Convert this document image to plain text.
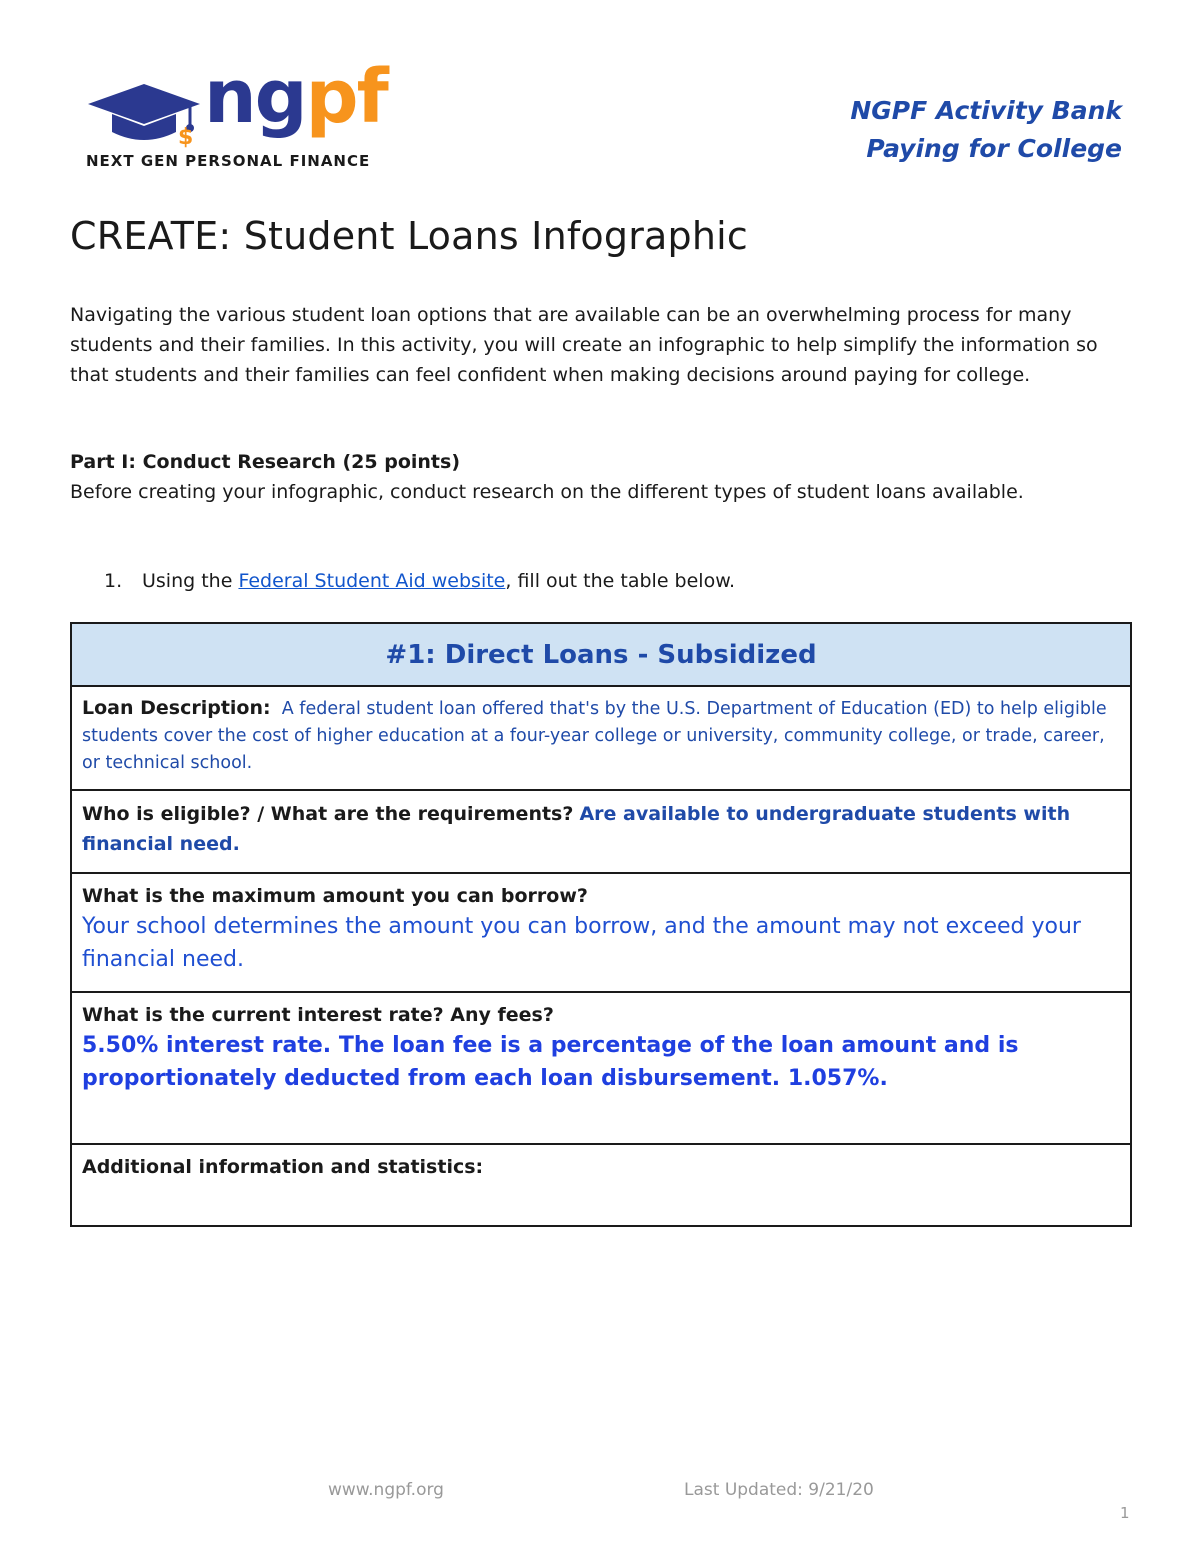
$ ngpf
NEXT GEN PERSONAL FINANCE
NGPF Activity Bank
Paying for College
CREATE: Student Loans Infographic

Navigating the various student loan options that are available can be an overwhelming process for many students and their families. In this activity, you will create an infographic to help simplify the information so that students and their families can feel confident when making decisions around paying for college.

Part I: Conduct Research (25 points)

Before creating your infographic, conduct research on the different types of student loans available.

1. Using the Federal Student Aid website, fill out the table below.
#1: Direct Loans - Subsidized
Loan Description: A federal student loan offered that's by the U.S. Department of Education (ED) to help eligible students cover the cost of higher education at a four-year college or university, community college, or trade, career, or technical school.
Who is eligible? / What are the requirements? Are available to undergraduate students with financial need.
What is the maximum amount you can borrow?
Your school determines the amount you can borrow, and the amount may not exceed your financial need.
What is the current interest rate? Any fees?
5.50% interest rate. The loan fee is a percentage of the loan amount and is proportionately deducted from each loan disbursement. 1.057%.
Additional information and statistics:
www.ngpf.org	Last Updated: 9/21/20
1
